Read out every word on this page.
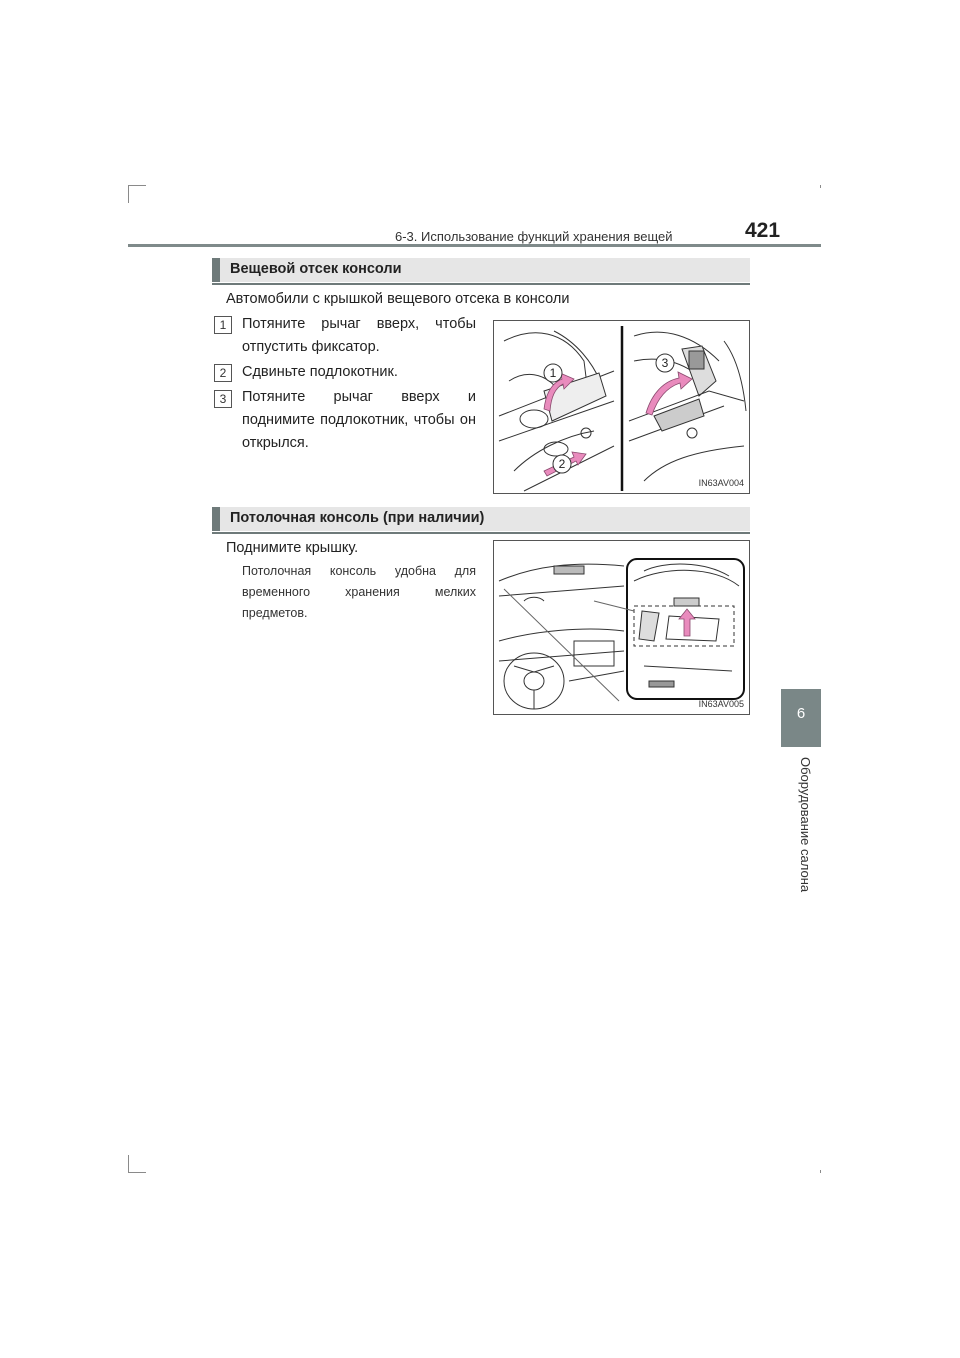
6-3. Использование функций хранения вещей	421
6
Оборудование салона
Вещевой отсек консоли
Автомобили с крышкой вещевого отсека в консоли
1	Потяните рычаг вверх, чтобы отпустить фиксатор.
2	Сдвиньте подлокотник.
3	Потяните рычаг вверх и поднимите подлокотник, чтобы он открылся.
1
2
3
IN63AV004
Потолочная консоль (при наличии)
Поднимите крышку.
Потолочная консоль удобна для временного хранения мелких предметов.
IN63AV005
